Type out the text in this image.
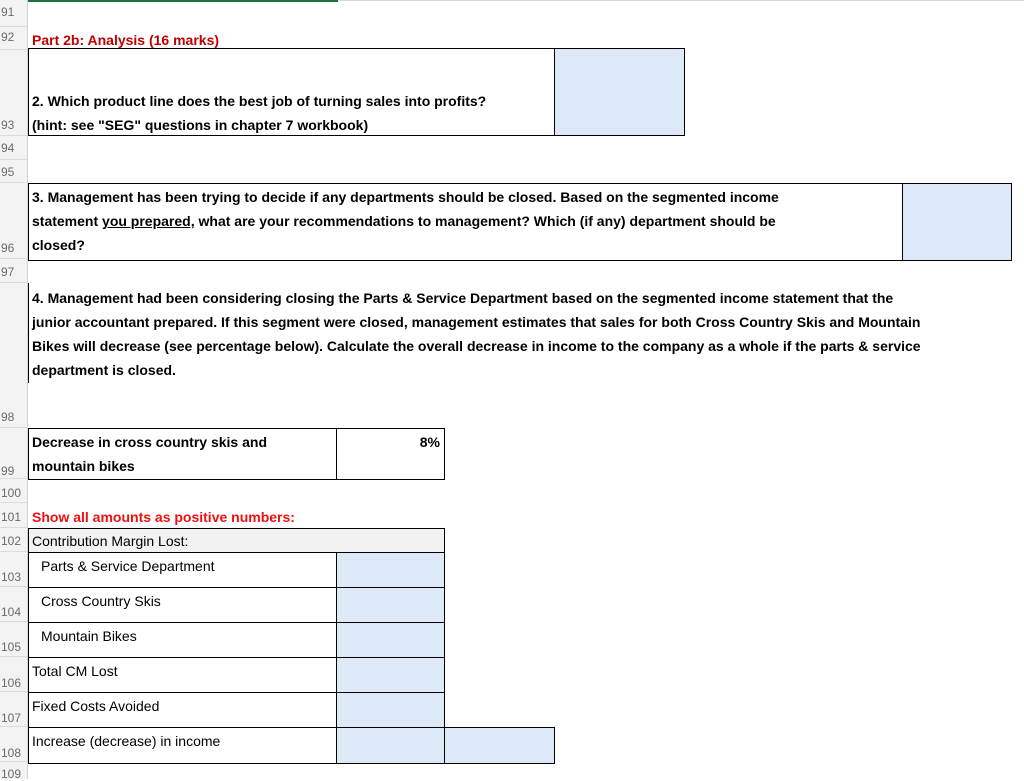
91
92
93
94
95
96
97
98
99
100
101
102
103
104
105
106
107
108
109
Part 2b: Analysis (16 marks)
2. Which product line does the best job of turning sales into profits?
(hint: see "SEG" questions in chapter 7 workbook)
3. Management has been trying to decide if any departments should be closed. Based on the segmented income
statement you prepared, what are your recommendations to management? Which (if any) department should be
closed?
4. Management had been considering closing the Parts & Service Department based on the segmented income statement that the
junior accountant prepared. If this segment were closed, management estimates that sales for both Cross Country Skis and Mountain
Bikes will decrease (see percentage below). Calculate the overall decrease in income to the company as a whole if the parts & service
department is closed.
Decrease in cross country skis and
mountain bikes
8%
Show all amounts as positive numbers:
Contribution Margin Lost:
Parts & Service Department
Cross Country Skis
Mountain Bikes
Total CM Lost
Fixed Costs Avoided
Increase (decrease) in income
